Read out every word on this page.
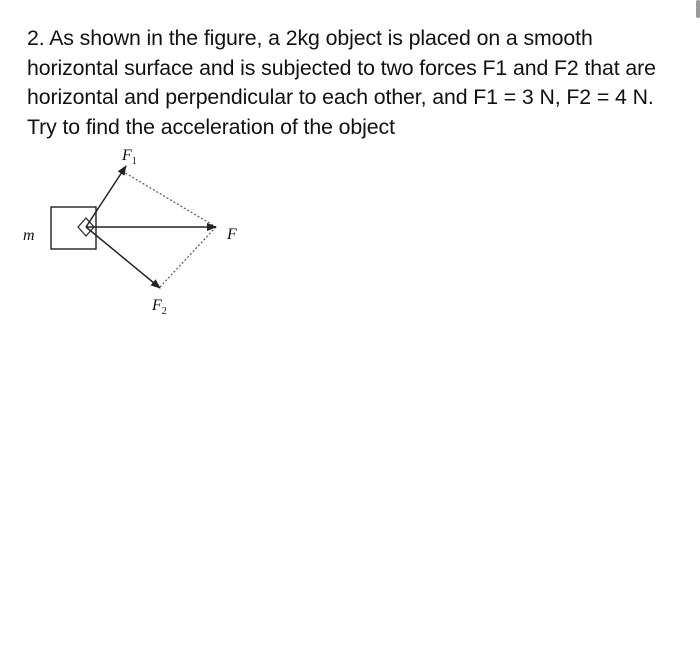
2. As shown in the figure, a 2kg object is placed on a smooth horizontal surface and is subjected to two forces F1 and F2 that are horizontal and perpendicular to each other, and F1 = 3 N, F2 = 4 N. Try to find the acceleration of the object

m
$F_1$
F
$F_2$
